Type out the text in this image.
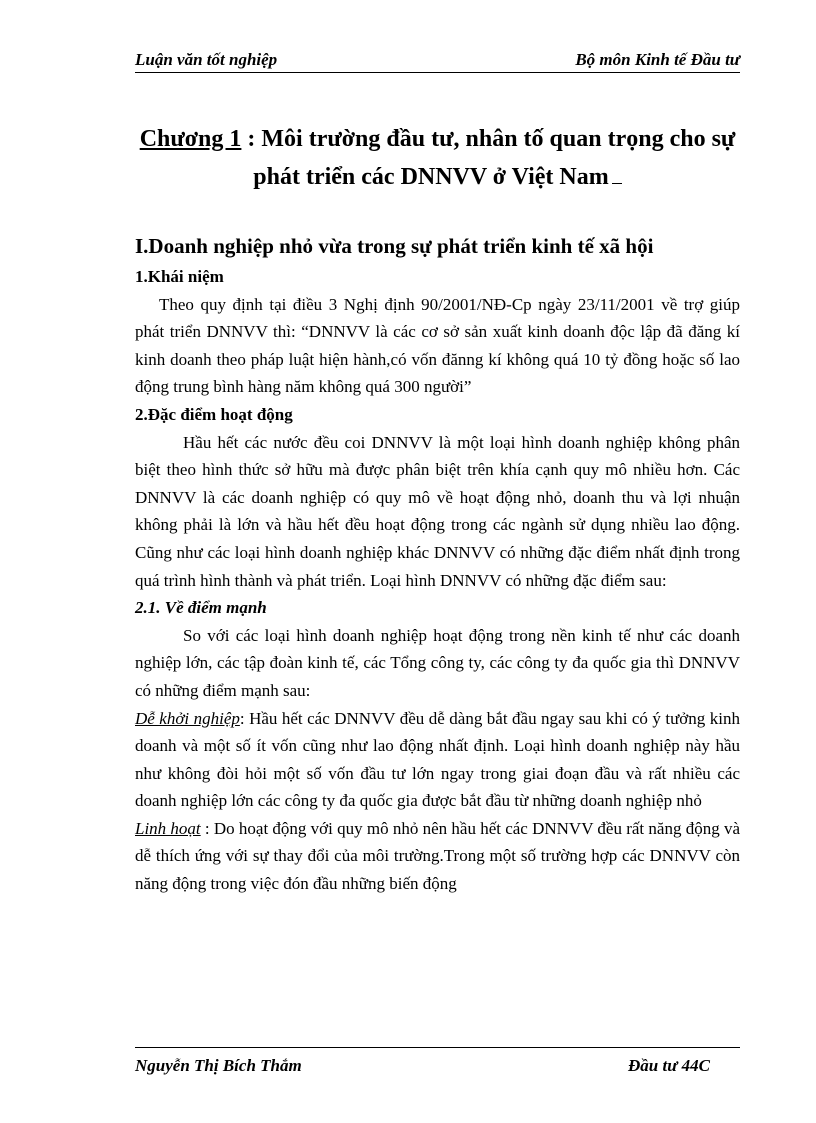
Luận văn tốt nghiệp	Bộ môn Kinh tế Đầu tư
Chương 1 : Môi trường đầu tư, nhân tố quan trọng cho sự phát triển các DNNVV ở Việt Nam

I.Doanh nghiệp nhỏ vừa trong sự phát triển kinh tế xã hội

1.Khái niệm

Theo quy định tại điều 3 Nghị định 90/2001/NĐ-Cp ngày 23/11/2001 về trợ giúp phát triển DNNVV thì: “DNNVV là các cơ sở sản xuất kinh doanh độc lập đã đăng kí kinh doanh theo pháp luật hiện hành,có vốn đănng kí không quá 10 tỷ đồng hoặc số lao động trung bình hàng năm không quá 300 người”

2.Đặc điểm hoạt động

Hầu hết các nước đều coi DNNVV là một loại hình doanh nghiệp không phân biệt theo hình thức sở hữu mà được phân biệt trên khía cạnh quy mô nhiều hơn. Các DNNVV là các doanh nghiệp có quy mô về hoạt động nhỏ, doanh thu và lợi nhuận không phải là lớn và hầu hết đều hoạt động trong các ngành sử dụng nhiều lao động. Cũng như các loại hình doanh nghiệp khác DNNVV có những đặc điểm nhất định trong quá trình hình thành và phát triển. Loại hình DNNVV có những đặc điểm sau:

2.1. Về điểm mạnh

So với các loại hình doanh nghiệp hoạt động trong nền kinh tế như các doanh nghiệp lớn, các tập đoàn kinh tế, các Tổng công ty, các công ty đa quốc gia thì DNNVV có những điểm mạnh sau:

Dễ khởi nghiệp: Hầu hết các DNNVV đều dễ dàng bắt đầu ngay sau khi có ý tưởng kinh doanh và một số ít vốn cũng như lao động nhất định. Loại hình doanh nghiệp này hầu như không đòi hỏi một số vốn đầu tư lớn ngay trong giai đoạn đầu và rất nhiều các doanh nghiệp lớn các công ty đa quốc gia được bắt đầu từ những doanh nghiệp nhỏ

Linh hoạt : Do hoạt động với quy mô nhỏ nên hầu hết các DNNVV đều rất năng động và dễ thích ứng với sự thay đổi của môi trường.Trong một số trường hợp các DNNVV còn năng động trong việc đón đầu những biến động

Nguyễn Thị Bích Thắm	Đầu tư 44C
